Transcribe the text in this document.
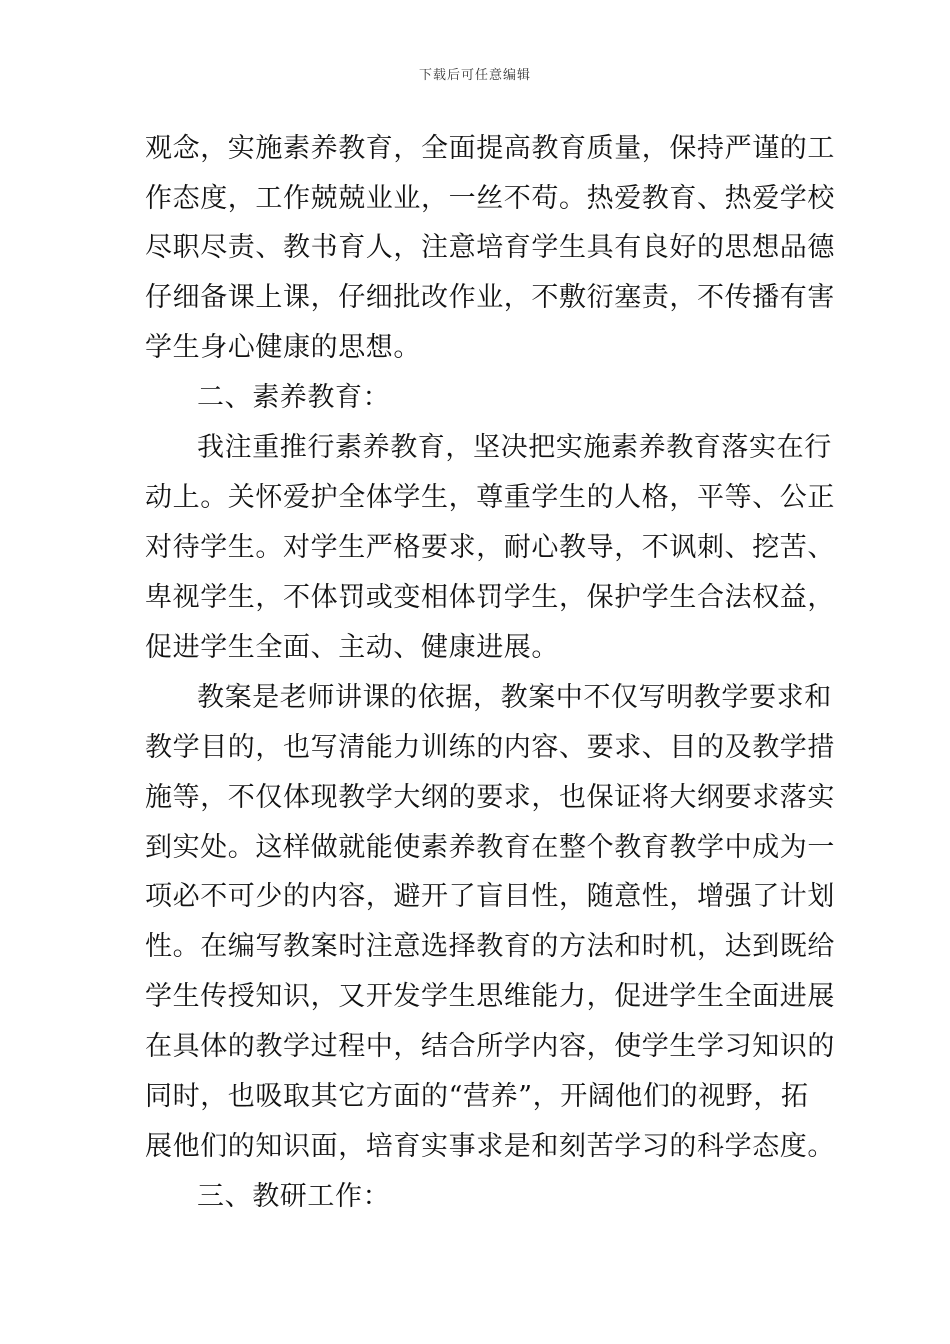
下载后可任意编辑
观念，实施素养教育，全面提高教育质量，保持严谨的工
作态度，工作兢兢业业，一丝不苟。热爱教育、热爱学校
尽职尽责、教书育人，注意培育学生具有良好的思想品德
仔细备课上课，仔细批改作业，不敷衍塞责，不传播有害
学生身心健康的思想。
二、素养教育：
我注重推行素养教育，坚决把实施素养教育落实在行
动上。关怀爱护全体学生，尊重学生的人格，平等、公正
对待学生。对学生严格要求，耐心教导，不讽刺、挖苦、
卑视学生，不体罚或变相体罚学生，保护学生合法权益，
促进学生全面、主动、健康进展。
教案是老师讲课的依据，教案中不仅写明教学要求和
教学目的，也写清能力训练的内容、要求、目的及教学措
施等，不仅体现教学大纲的要求，也保证将大纲要求落实
到实处。这样做就能使素养教育在整个教育教学中成为一
项必不可少的内容，避开了盲目性，随意性，增强了计划
性。在编写教案时注意选择教育的方法和时机，达到既给
学生传授知识，又开发学生思维能力，促进学生全面进展
在具体的教学过程中，结合所学内容，使学生学习知识的
同时，也吸取其它方面的“营养”，开阔他们的视野，拓
展他们的知识面，培育实事求是和刻苦学习的科学态度。
三、教研工作：
